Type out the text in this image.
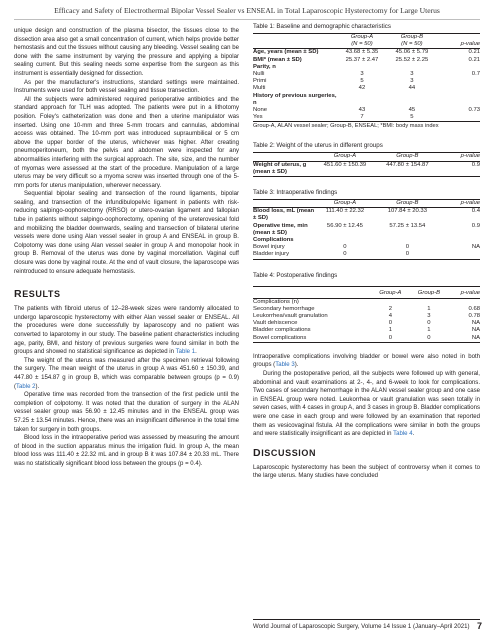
Efficacy and Safety of Electrothermal Bipolar Vessel Sealer vs ENSEAL in Total Laparoscopic Hysterectomy for Large Uterus

unique design and construction of the plasma bisector, the tissues close to the dissection area also get a small concentration of current, which helps provide better hemostasis and cut the tissues without causing any bleeding. Vessel sealing can be done with the same instrument by varying the pressure and applying a bipolar sealing current. But this sealing needs some expertise from the surgeon as this instrument is essentially designed for dissection.

As per the manufacturer's instructions, standard settings were maintained. Instruments were used for both vessel sealing and tissue transection.

All the subjects were administered required perioperative antibiotics and the standard approach for TLH was adopted. The patients were put in a lithotomy position. Foley's catheterization was done and then a uterine manipulator was inserted. Using one 10-mm and three 5-mm trocars and cannulas, abdominal access was obtained. The 10-mm port was introduced supraumbilical or 5 cm above the upper border of the uterus, whichever was higher. After creating pneumoperitoneum, both the pelvis and abdomen were inspected for any abnormalities interfering with the surgical approach. The site, size, and the number of myomas were assessed at the start of the procedure. Manipulation of a large uterus may be very difficult so a myoma screw was inserted through one of the 5-mm ports for uterus manipulation, wherever necessary.

Sequential bipolar sealing and transection of the round ligaments, bipolar sealing, and transection of the infundibulopelvic ligament in patients with risk-reducing salpingo-oophorectomy (RRSO) or utero-ovarian ligament and fallopian tube in patients without salpingo-oophorectomy, opening of the ureterovesical fold and mobilizing the bladder downwards, sealing and transection of bilateral uterine vessels were done using Alan vessel sealer in group A and ENSEAL in group B. Colpotomy was done using Alan vessel sealer in group A and monopolar hook in group B. Removal of the uterus was done by vaginal morcellation. Vaginal cuff closure was done by vaginal route. At the end of vault closure, the laparoscope was reintroduced to ensure adequate hemostasis.

RESULTS

The patients with fibroid uterus of 12–28-week sizes were randomly allocated to undergo laparoscopic hysterectomy with either Alan vessel sealer or ENSEAL. All the procedures were done successfully by laparoscopy and no patient was converted to laparotomy in our study. The baseline patient characteristics including age, parity, BMI, and history of previous surgeries were found similar in both the groups and showed no statistical significance as depicted in Table 1.

The weight of the uterus was measured after the specimen retrieval following the surgery. The mean weight of the uterus in group A was 451.60 ± 150.39, and 447.80 ± 154.87 g in group B, which was comparable between groups (p = 0.9) (Table 2).

Operative time was recorded from the transection of the first pedicle until the completion of colpotomy. It was noted that the duration of surgery in the ALAN vessel sealer group was 56.90 ± 12.45 minutes and in the ENSEAL group was 57.25 ± 13.54 minutes. Hence, there was an insignificant difference in the total time taken for surgery in both groups.

Blood loss in the intraoperative period was assessed by measuring the amount of blood in the suction apparatus minus the irrigation fluid. In group A, the mean blood loss was 111.40 ± 22.32 mL and in group B it was 107.84 ± 20.33 mL. There was no statistically significant blood loss between the groups (p = 0.4).

Table 1: Baseline and demographic characteristics
	Group-A	Group-B	
	(N = 50)	(N = 50)	p-value
Age, years (mean ± SD)	43.68 ± 5.35	45.06 ± 5.79	0.21
BMI* (mean ± SD)	25.37 ± 2.47	25.52 ± 2.25	0.21
Parity, n			
Nulli	3	3	0.7
Primi	5	3	
Multi	42	44	
History of previous surgeries, n			
None	43	45	0.73
Yes	7	5	
Group-A, ALAN vessel sealer; Group-B, ENSEAL; *BMI: body mass index
Table 2: Weight of the uterus in different groups
	Group-A	Group-B	p-value
Weight of uterus, g (mean ± SD)	451.60 ± 150.39	447.80 ± 154.87	0.9
Table 3: Intraoperative findings
	Group-A	Group-B	p-value
Blood loss, mL (mean ± SD)	111.40 ± 22.32	107.84 ± 20.33	0.4
Operative time, min (mean ± SD)	56.90 ± 12.45	57.25 ± 13.54	0.9
Complications			
Bowel injury	0	0	NA
Bladder injury	0	0	
Table 4: Postoperative findings
	Group-A	Group-B	p-value
Complications (n)			
Secondary hemorrhage	2	1	0.68
Leukorrhea/vault granulation	4	3	0.78
Vault dehiscence	0	0	NA
Bladder complications	1	1	NA
Bowel complications	0	0	NA

Intraoperative complications involving bladder or bowel were also noted in both groups (Table 3).

During the postoperative period, all the subjects were followed up with general, abdominal and vault examinations at 2-, 4-, and 6-week to look for complications. Two cases of secondary hemorrhage in the ALAN vessel sealer group and one case in ENSEAL group were noted. Leukorrhea or vault granulation was seen totally in seven cases, with 4 cases in group A, and 3 cases in group B. Bladder complications were one case in each group and were followed by an examination that reported them as vesicovaginal fistula. All the complications were similar in both the groups and were statistically insignificant as are depicted in Table 4.

DISCUSSION

Laparoscopic hysterectomy has been the subject of controversy when it comes to the large uterus. Many studies have concluded

World Journal of Laparoscopic Surgery, Volume 14 Issue 1 (January–April 2021) 7
